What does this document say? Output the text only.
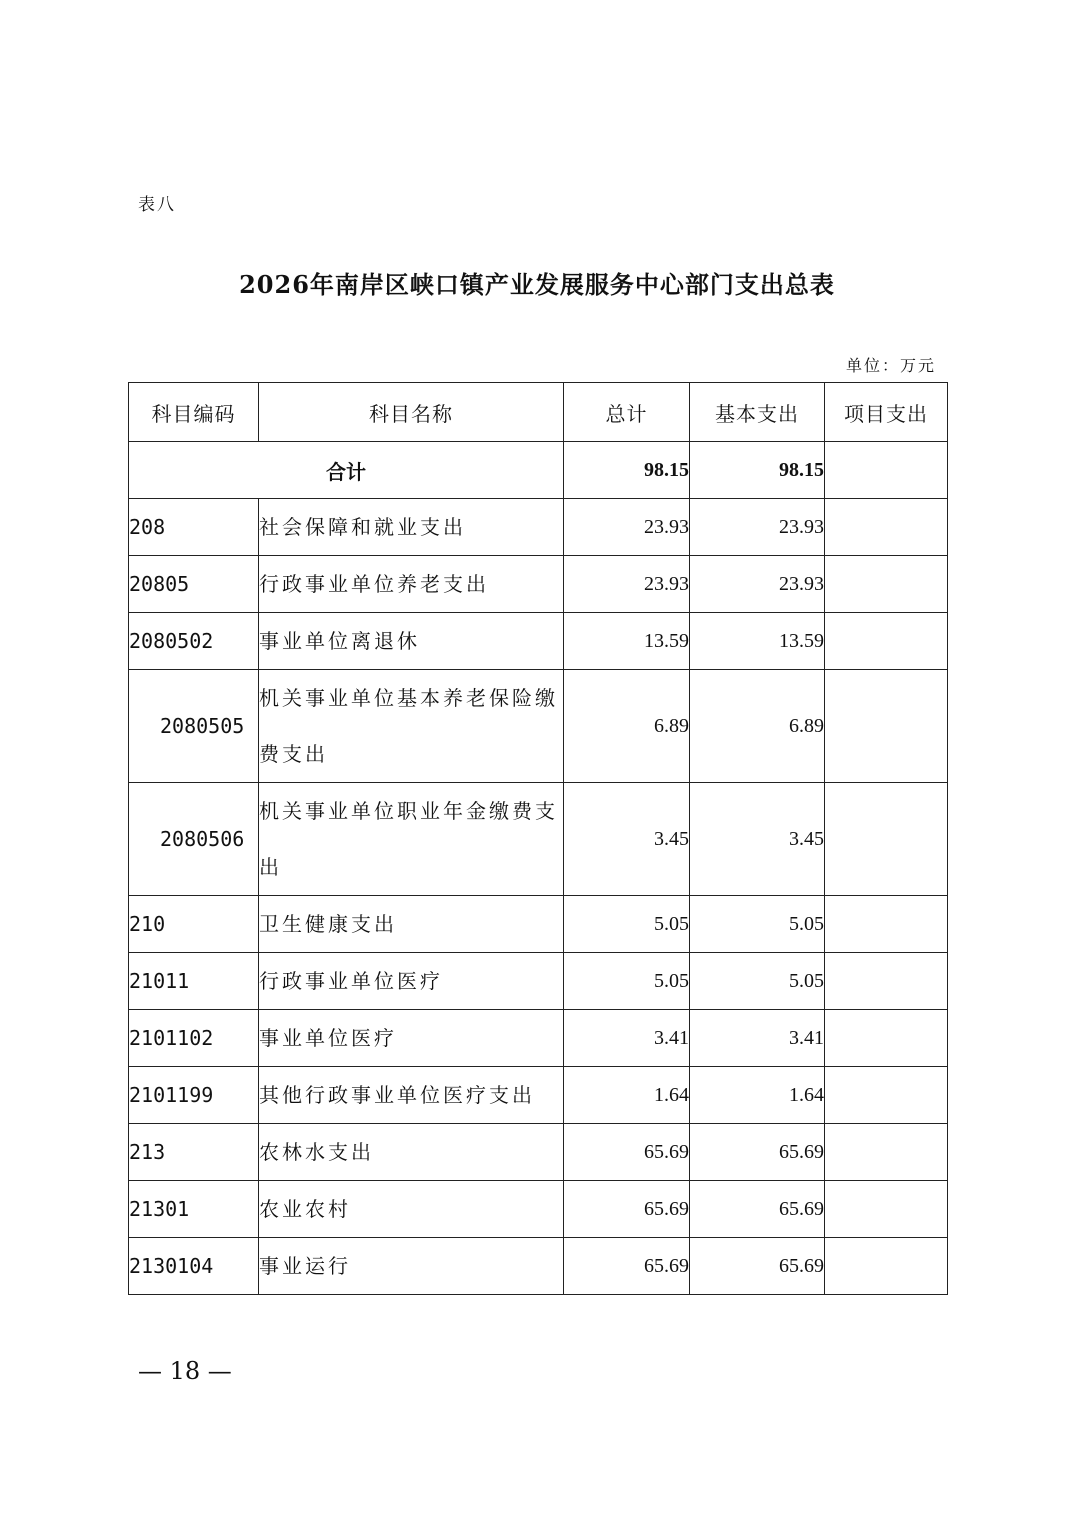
表八
2026年南岸区峡口镇产业发展服务中心部门支出总表
单位：万元
科目编码	科目名称	总计	基本支出	项目支出
合计		98.15	98.15	
208	社会保障和就业支出	23.93	23.93	
20805	行政事业单位养老支出	23.93	23.93	
2080502	事业单位离退休	13.59	13.59	
2080505	机关事业单位基本养老保险缴费支出	6.89	6.89	
2080506	机关事业单位职业年金缴费支出	3.45	3.45	
210	卫生健康支出	5.05	5.05	
21011	行政事业单位医疗	5.05	5.05	
2101102	事业单位医疗	3.41	3.41	
2101199	其他行政事业单位医疗支出	1.64	1.64	
213	农林水支出	65.69	65.69	
21301	农业农村	65.69	65.69	
2130104	事业运行	65.69	65.69	
— 18 —
